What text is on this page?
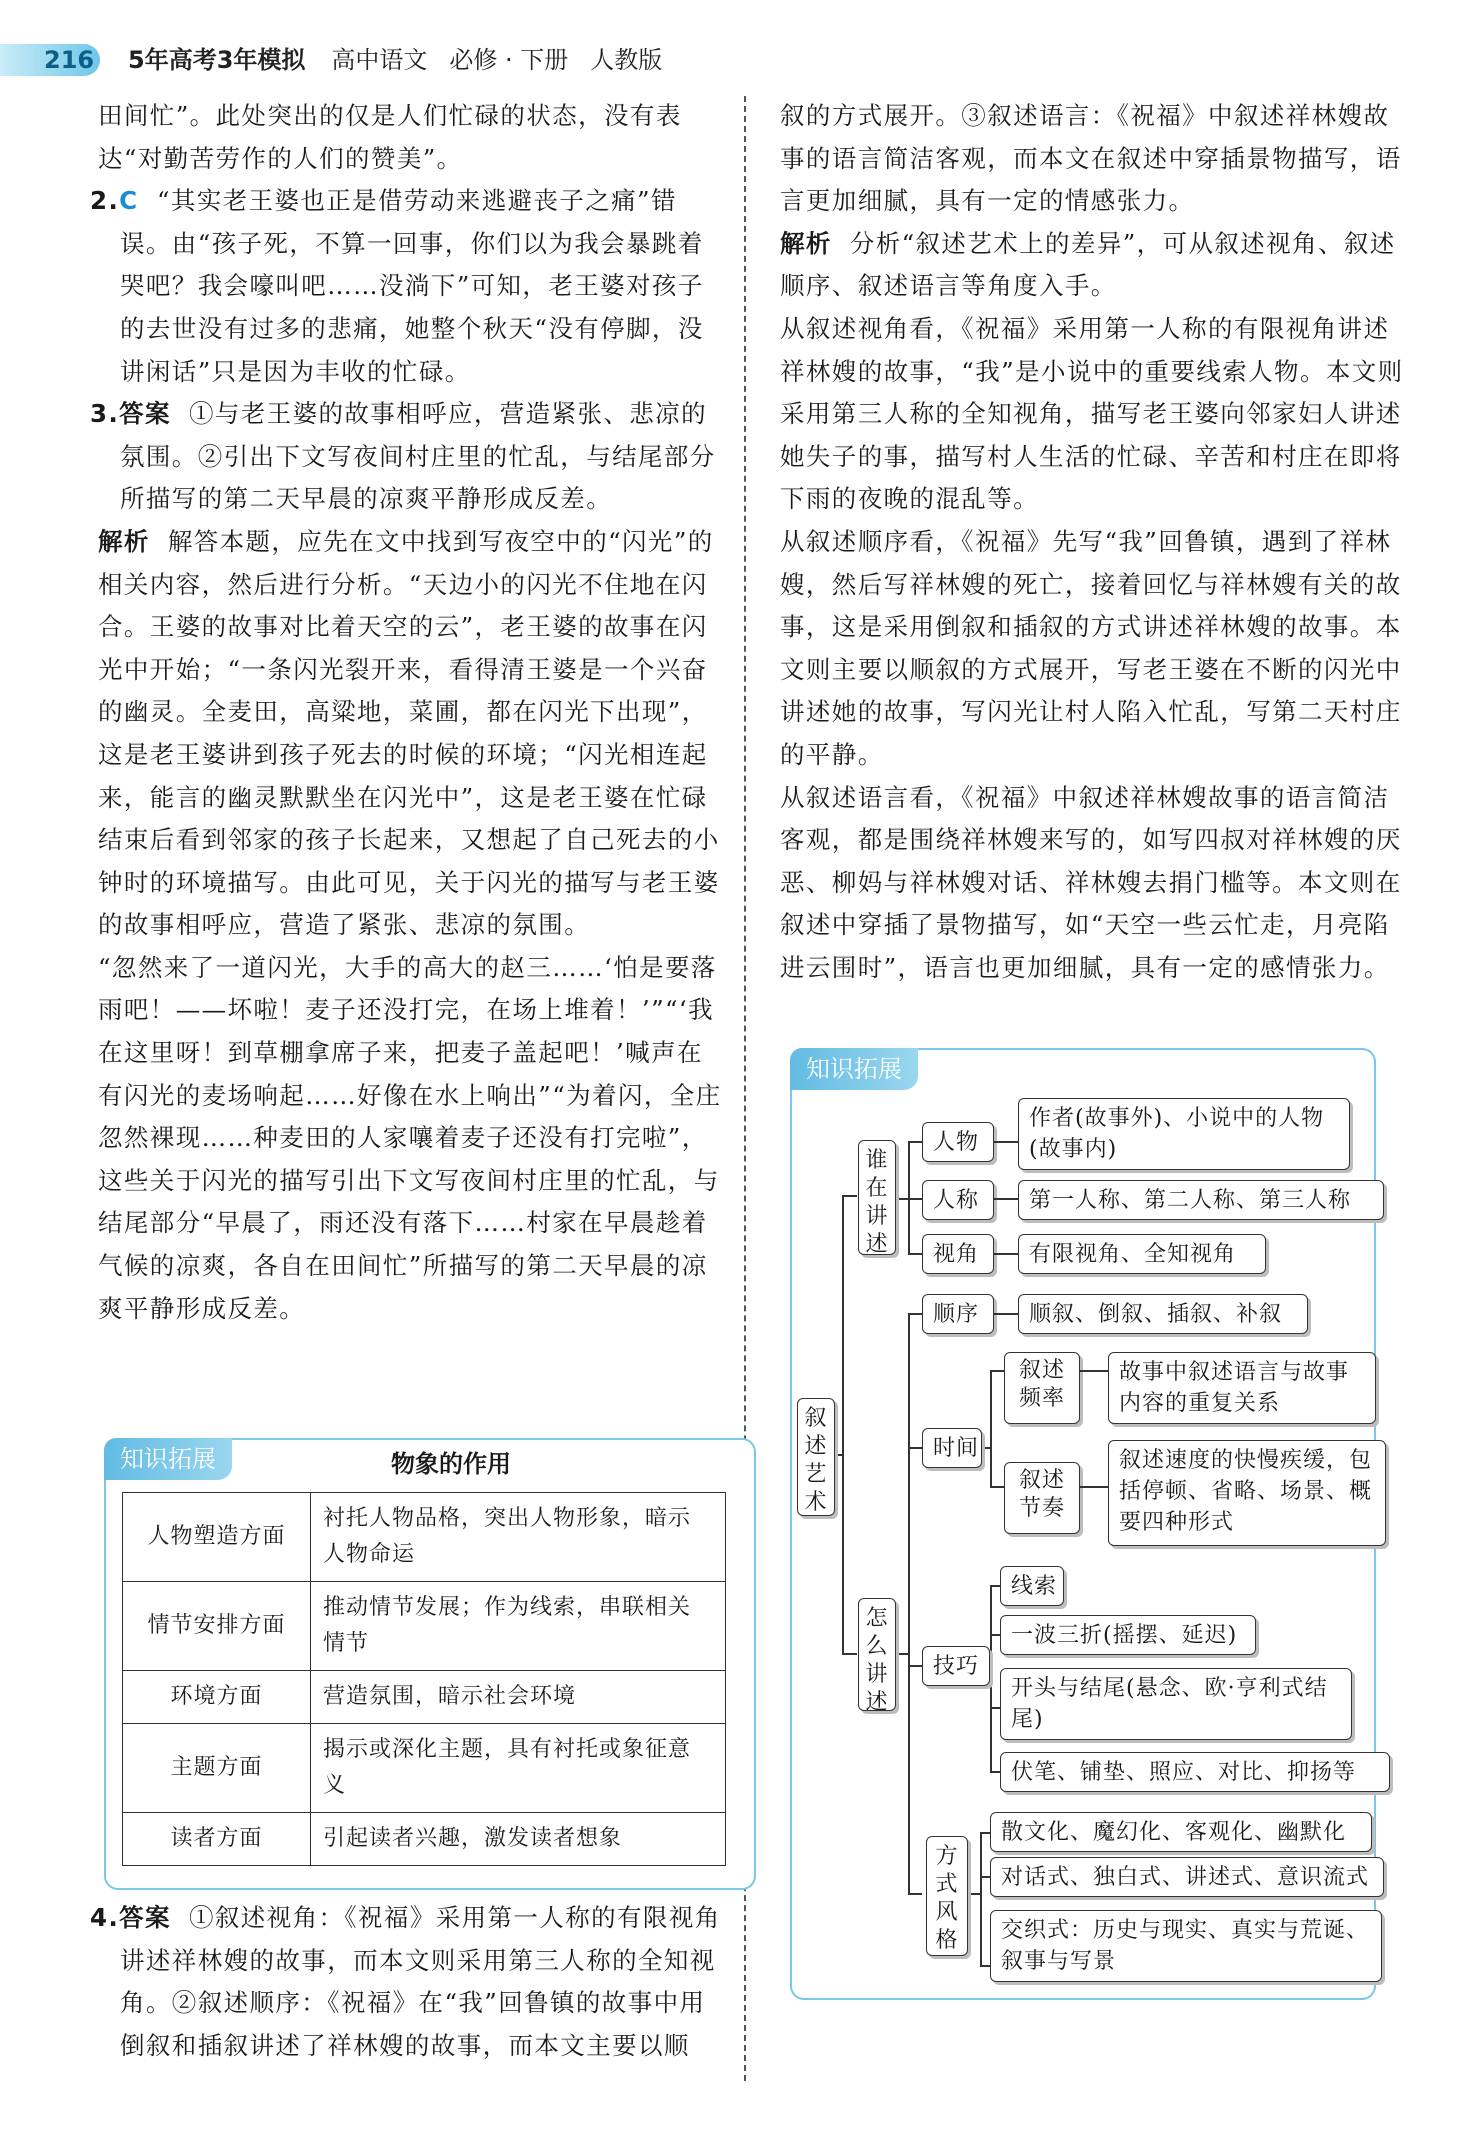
216 5年高考3年模拟 高中语文 必修 · 下册 人教版

田间忙”。此处突出的仅是人们忙碌的状态，没有表达“对勤苦劳作的人们的赞美”。

2.C “其实老王婆也正是借劳动来逃避丧子之痛”错误。由“孩子死，不算一回事，你们以为我会暴跳着哭吧？我会嚎叫吧……没淌下”可知，老王婆对孩子的去世没有过多的悲痛，她整个秋天“没有停脚，没讲闲话”只是因为丰收的忙碌。

3.答案 ①与老王婆的故事相呼应，营造紧张、悲凉的氛围。②引出下文写夜间村庄里的忙乱，与结尾部分所描写的第二天早晨的凉爽平静形成反差。

解析 解答本题，应先在文中找到写夜空中的“闪光”的相关内容，然后进行分析。“天边小的闪光不住地在闪合。王婆的故事对比着天空的云”，老王婆的故事在闪光中开始；“一条闪光裂开来，看得清王婆是一个兴奋的幽灵。全麦田，高粱地，菜圃，都在闪光下出现”，这是老王婆讲到孩子死去的时候的环境；“闪光相连起来，能言的幽灵默默坐在闪光中”，这是老王婆在忙碌结束后看到邻家的孩子长起来，又想起了自己死去的小钟时的环境描写。由此可见，关于闪光的描写与老王婆的故事相呼应，营造了紧张、悲凉的氛围。

“忽然来了一道闪光，大手的高大的赵三……‘怕是要落雨吧！——坏啦！麦子还没打完，在场上堆着！’”“‘我在这里呀！到草棚拿席子来，把麦子盖起吧！’喊声在有闪光的麦场响起……好像在水上响出”“为着闪，全庄忽然裸现……种麦田的人家嚷着麦子还没有打完啦”，这些关于闪光的描写引出下文写夜间村庄里的忙乱，与结尾部分“早晨了，雨还没有落下……村家在早晨趁着气候的凉爽，各自在田间忙”所描写的第二天早晨的凉爽平静形成反差。

知识拓展	物象的作用
人物塑造方面	衬托人物品格，突出人物形象，暗示人物命运
情节安排方面	推动情节发展；作为线索，串联相关情节
环境方面	营造氛围，暗示社会环境
主题方面	揭示或深化主题，具有衬托或象征意义
读者方面	引起读者兴趣，激发读者想象

4.答案 ①叙述视角：《祝福》采用第一人称的有限视角讲述祥林嫂的故事，而本文则采用第三人称的全知视角。②叙述顺序：《祝福》在“我”回鲁镇的故事中用倒叙和插叙讲述了祥林嫂的故事，而本文主要以顺

叙的方式展开。③叙述语言：《祝福》中叙述祥林嫂故事的语言简洁客观，而本文在叙述中穿插景物描写，语言更加细腻，具有一定的情感张力。

解析 分析“叙述艺术上的差异”，可从叙述视角、叙述顺序、叙述语言等角度入手。

从叙述视角看，《祝福》采用第一人称的有限视角讲述祥林嫂的故事，“我”是小说中的重要线索人物。本文则采用第三人称的全知视角，描写老王婆向邻家妇人讲述她失子的事，描写村人生活的忙碌、辛苦和村庄在即将下雨的夜晚的混乱等。

从叙述顺序看，《祝福》先写“我”回鲁镇，遇到了祥林嫂，然后写祥林嫂的死亡，接着回忆与祥林嫂有关的故事，这是采用倒叙和插叙的方式讲述祥林嫂的故事。本文则主要以顺叙的方式展开，写老王婆在不断的闪光中讲述她的故事，写闪光让村人陷入忙乱，写第二天村庄的平静。

从叙述语言看，《祝福》中叙述祥林嫂故事的语言简洁客观，都是围绕祥林嫂来写的，如写四叔对祥林嫂的厌恶、柳妈与祥林嫂对话、祥林嫂去捐门槛等。本文则在叙述中穿插了景物描写，如“天空一些云忙走，月亮陷进云围时”，语言也更加细腻，具有一定的感情张力。

知识拓展
叙述艺术
谁在讲述
怎么讲述
人物
作者(故事外)、小说中的人物(故事内)
人称	第一人称、第二人称、第三人称
视角	有限视角、全知视角
顺序	顺叙、倒叙、插叙、补叙
时间
叙述频率
故事中叙述语言与故事内容的重复关系
叙述节奏
叙述速度的快慢疾缓，包括停顿、省略、场景、概要四种形式
技巧
线索
一波三折(摇摆、延迟)
开头与结尾(悬念、欧·亨利式结尾)
伏笔、铺垫、照应、对比、抑扬等
方式风格
散文化、魔幻化、客观化、幽默化
对话式、独白式、讲述式、意识流式
交织式：历史与现实、真实与荒诞、叙事与写景
